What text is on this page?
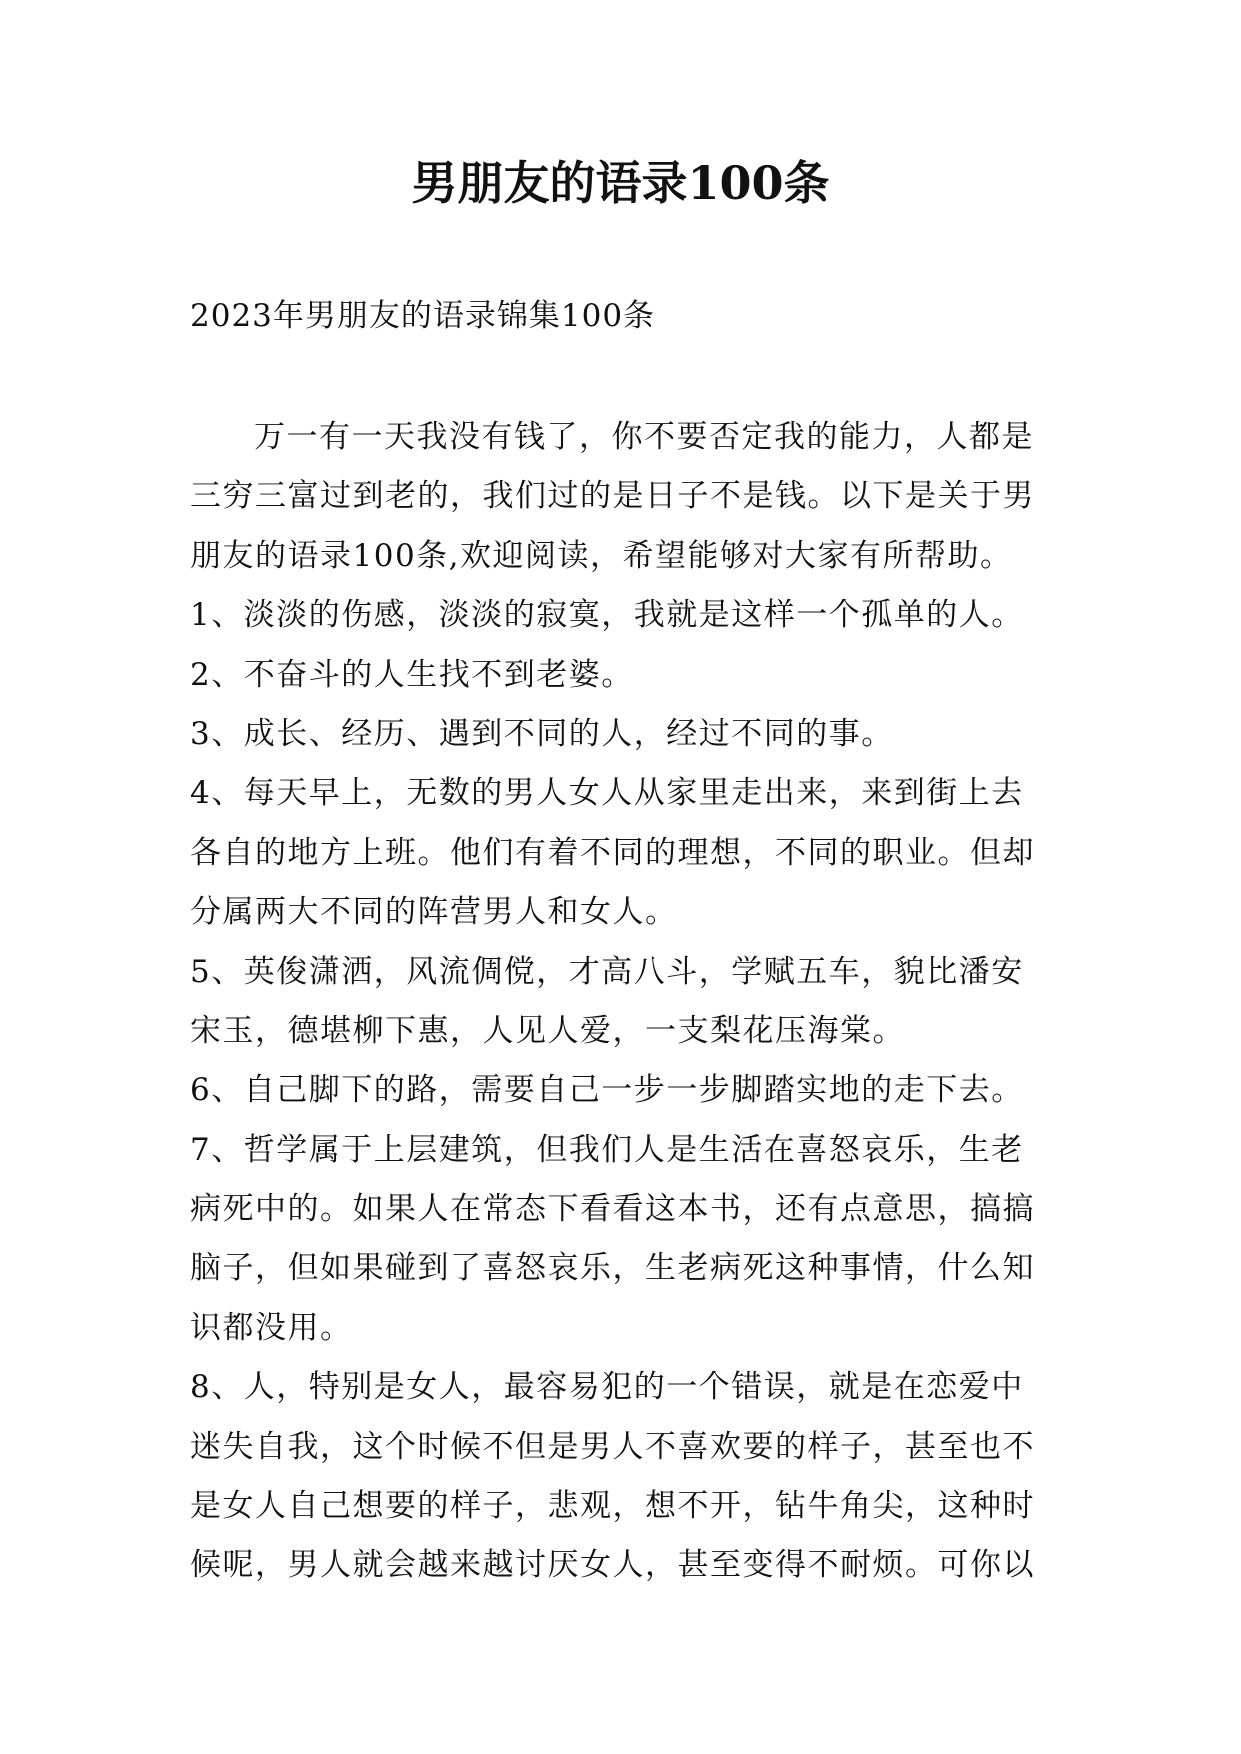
男朋友的语录100条
2023年男朋友的语录锦集100条
万一有一天我没有钱了，你不要否定我的能力，人都是
三穷三富过到老的，我们过的是日子不是钱。以下是关于男
朋友的语录100条,欢迎阅读，希望能够对大家有所帮助。
1、淡淡的伤感，淡淡的寂寞，我就是这样一个孤单的人。
2、不奋斗的人生找不到老婆。
3、成长、经历、遇到不同的人，经过不同的事。
4、每天早上，无数的男人女人从家里走出来，来到街上去
各自的地方上班。他们有着不同的理想，不同的职业。但却
分属两大不同的阵营男人和女人。
5、英俊潇洒，风流倜傥，才高八斗，学赋五车，貌比潘安
宋玉，德堪柳下惠，人见人爱，一支梨花压海棠。
6、自己脚下的路，需要自己一步一步脚踏实地的走下去。
7、哲学属于上层建筑，但我们人是生活在喜怒哀乐，生老
病死中的。如果人在常态下看看这本书，还有点意思，搞搞
脑子，但如果碰到了喜怒哀乐，生老病死这种事情，什么知
识都没用。
8、人，特别是女人，最容易犯的一个错误，就是在恋爱中
迷失自我，这个时候不但是男人不喜欢要的样子，甚至也不
是女人自己想要的样子，悲观，想不开，钻牛角尖，这种时
候呢，男人就会越来越讨厌女人，甚至变得不耐烦。可你以
